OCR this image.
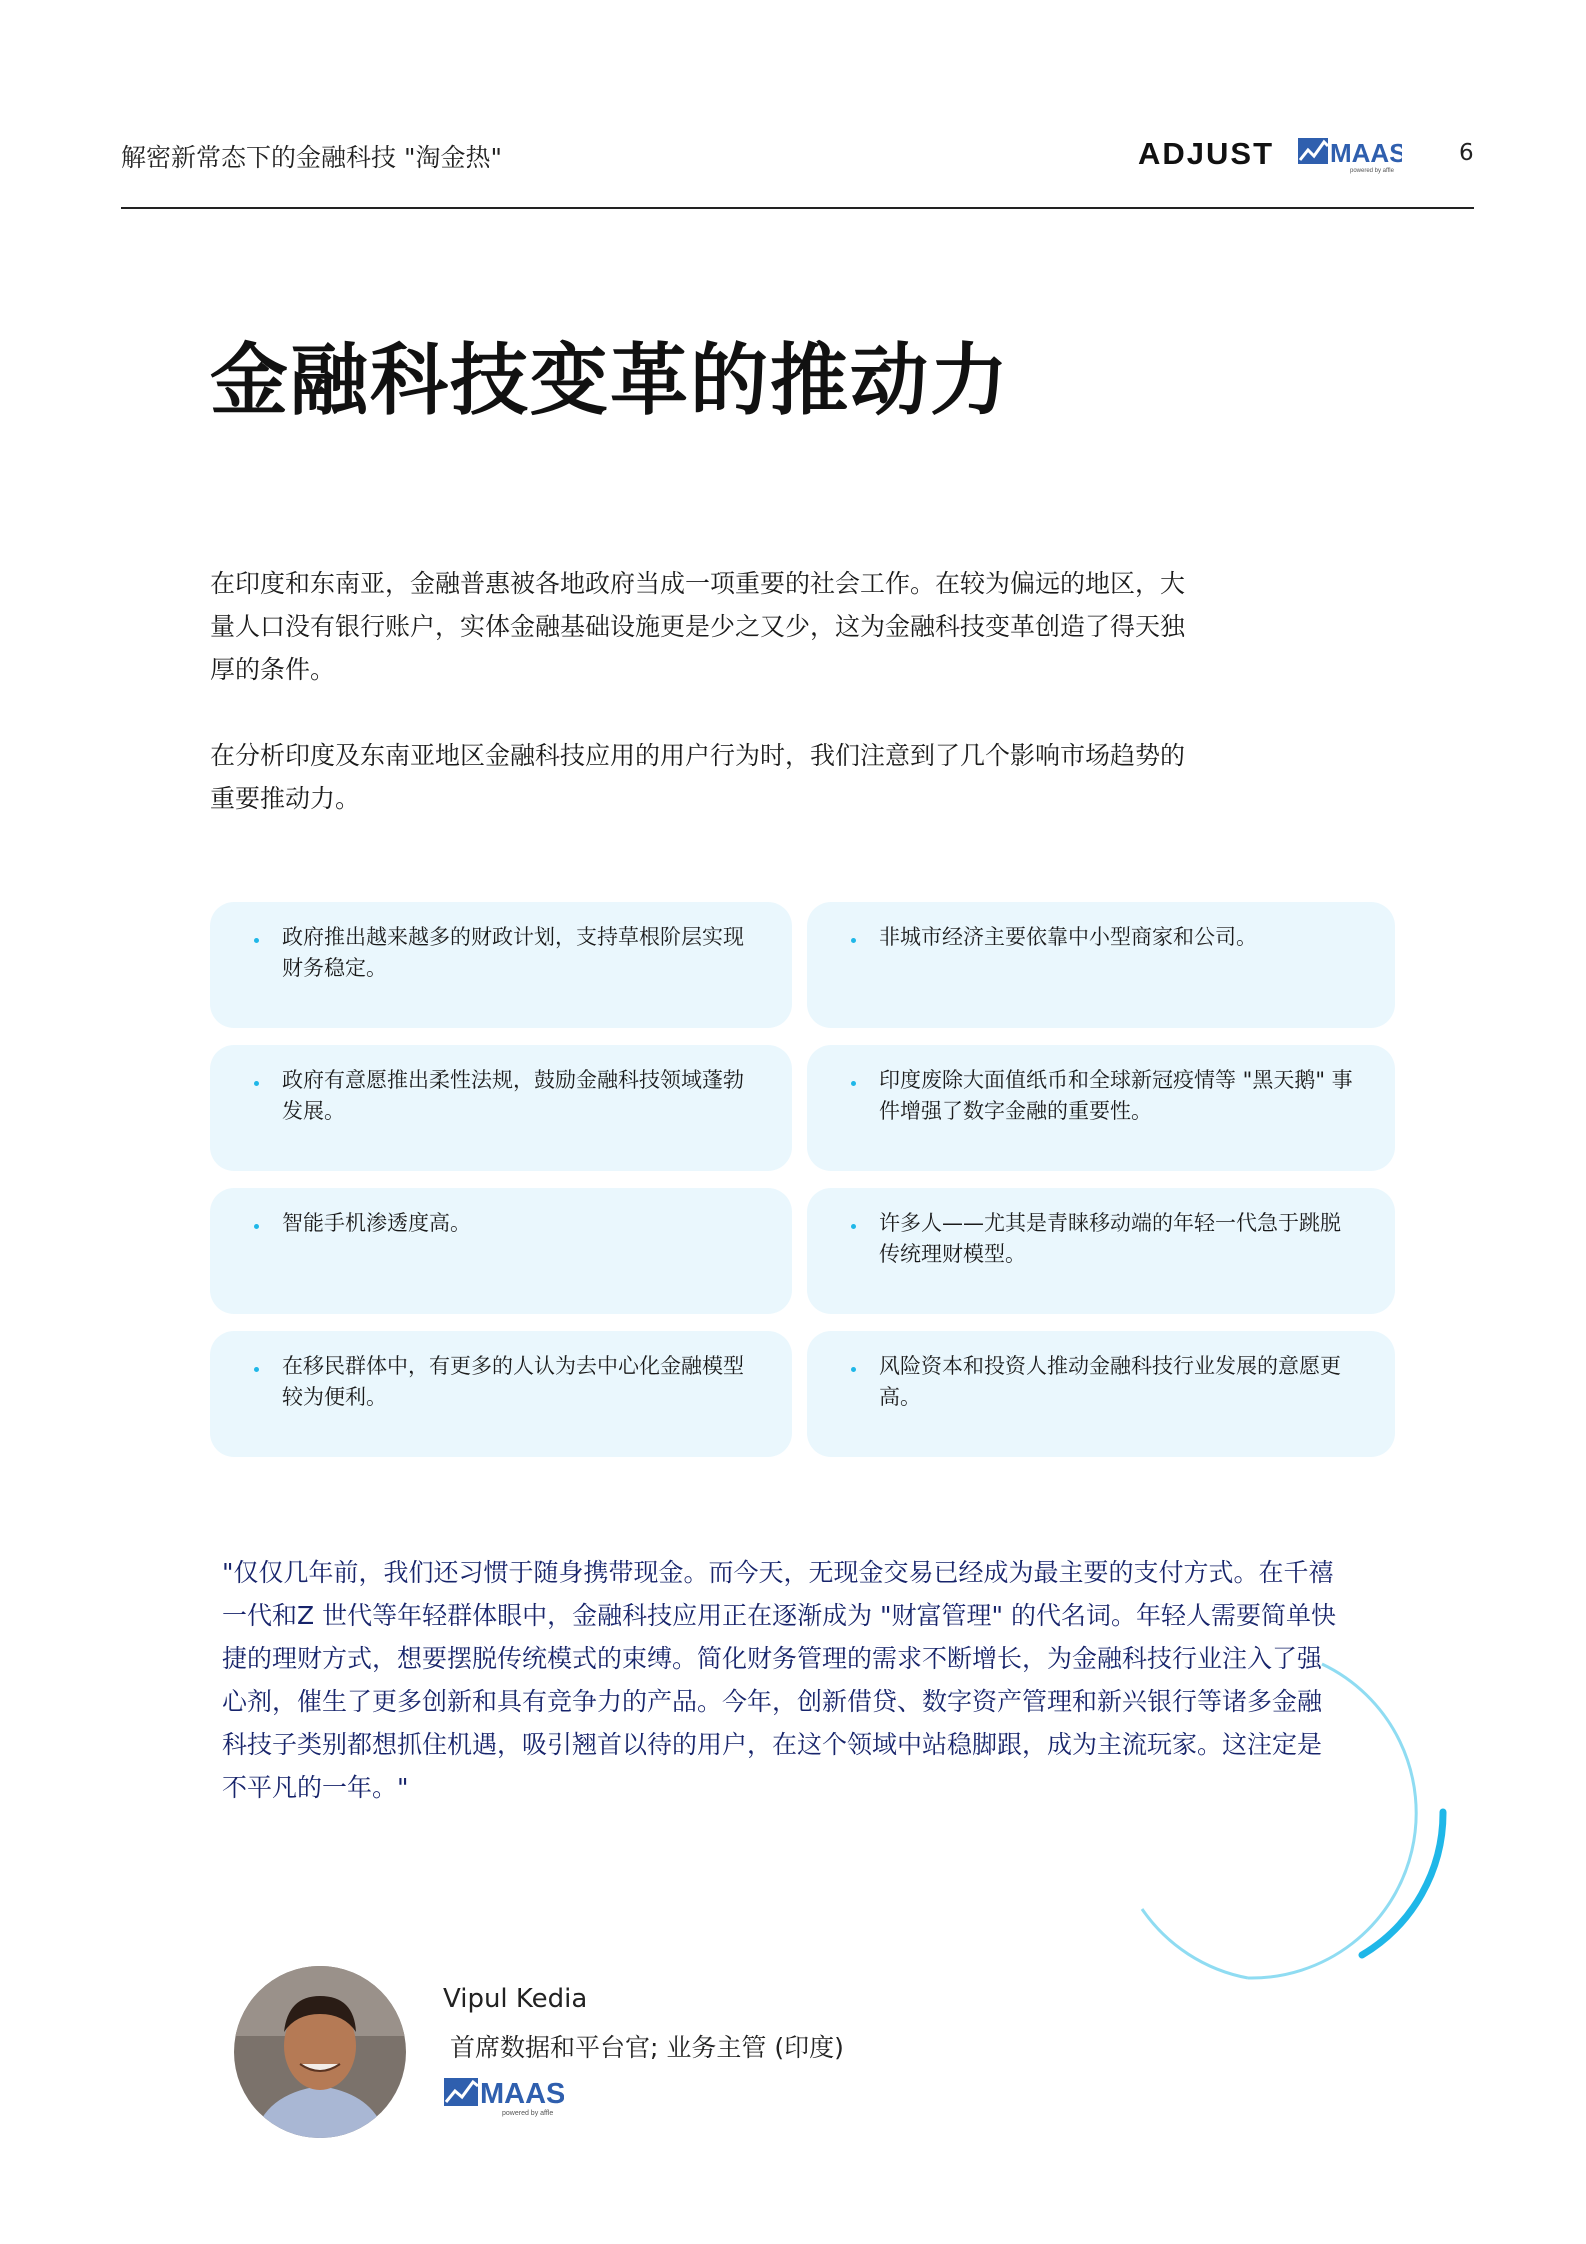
解密新常态下的金融科技 "淘金热"	ADJUST MAAS
powered by affle
6
金融科技变革的推动力
在印度和东南亚，金融普惠被各地政府当成一项重要的社会工作。在较为偏远的地区，大量人口没有银行账户，实体金融基础设施更是少之又少，这为金融科技变革创造了得天独厚的条件。
在分析印度及东南亚地区金融科技应用的用户行为时，我们注意到了几个影响市场趋势的重要推动力。
政府推出越来越多的财政计划，支持草根阶层实现财务稳定。
非城市经济主要依靠中小型商家和公司。
政府有意愿推出柔性法规，鼓励金融科技领域蓬勃发展。
印度废除大面值纸币和全球新冠疫情等 "黑天鹅" 事件增强了数字金融的重要性。
智能手机渗透度高。	许多人——尤其是青睐移动端的年轻一代急于跳脱传统理财模型。
在移民群体中，有更多的人认为去中心化金融模型较为便利。
风险资本和投资人推动金融科技行业发展的意愿更高。
"仅仅几年前，我们还习惯于随身携带现金。而今天，无现金交易已经成为最主要的支付方式。在千禧一代和Z 世代等年轻群体眼中，金融科技应用正在逐渐成为 "财富管理" 的代名词。年轻人需要简单快捷的理财方式，想要摆脱传统模式的束缚。简化财务管理的需求不断增长，为金融科技行业注入了强心剂，催生了更多创新和具有竞争力的产品。今年，创新借贷、数字资产管理和新兴银行等诸多金融科技子类别都想抓住机遇，吸引翘首以待的用户，在这个领域中站稳脚跟，成为主流玩家。这注定是不平凡的一年。"
Vipul Kedia
首席数据和平台官; 业务主管 (印度)
MAAS
powered by affle
